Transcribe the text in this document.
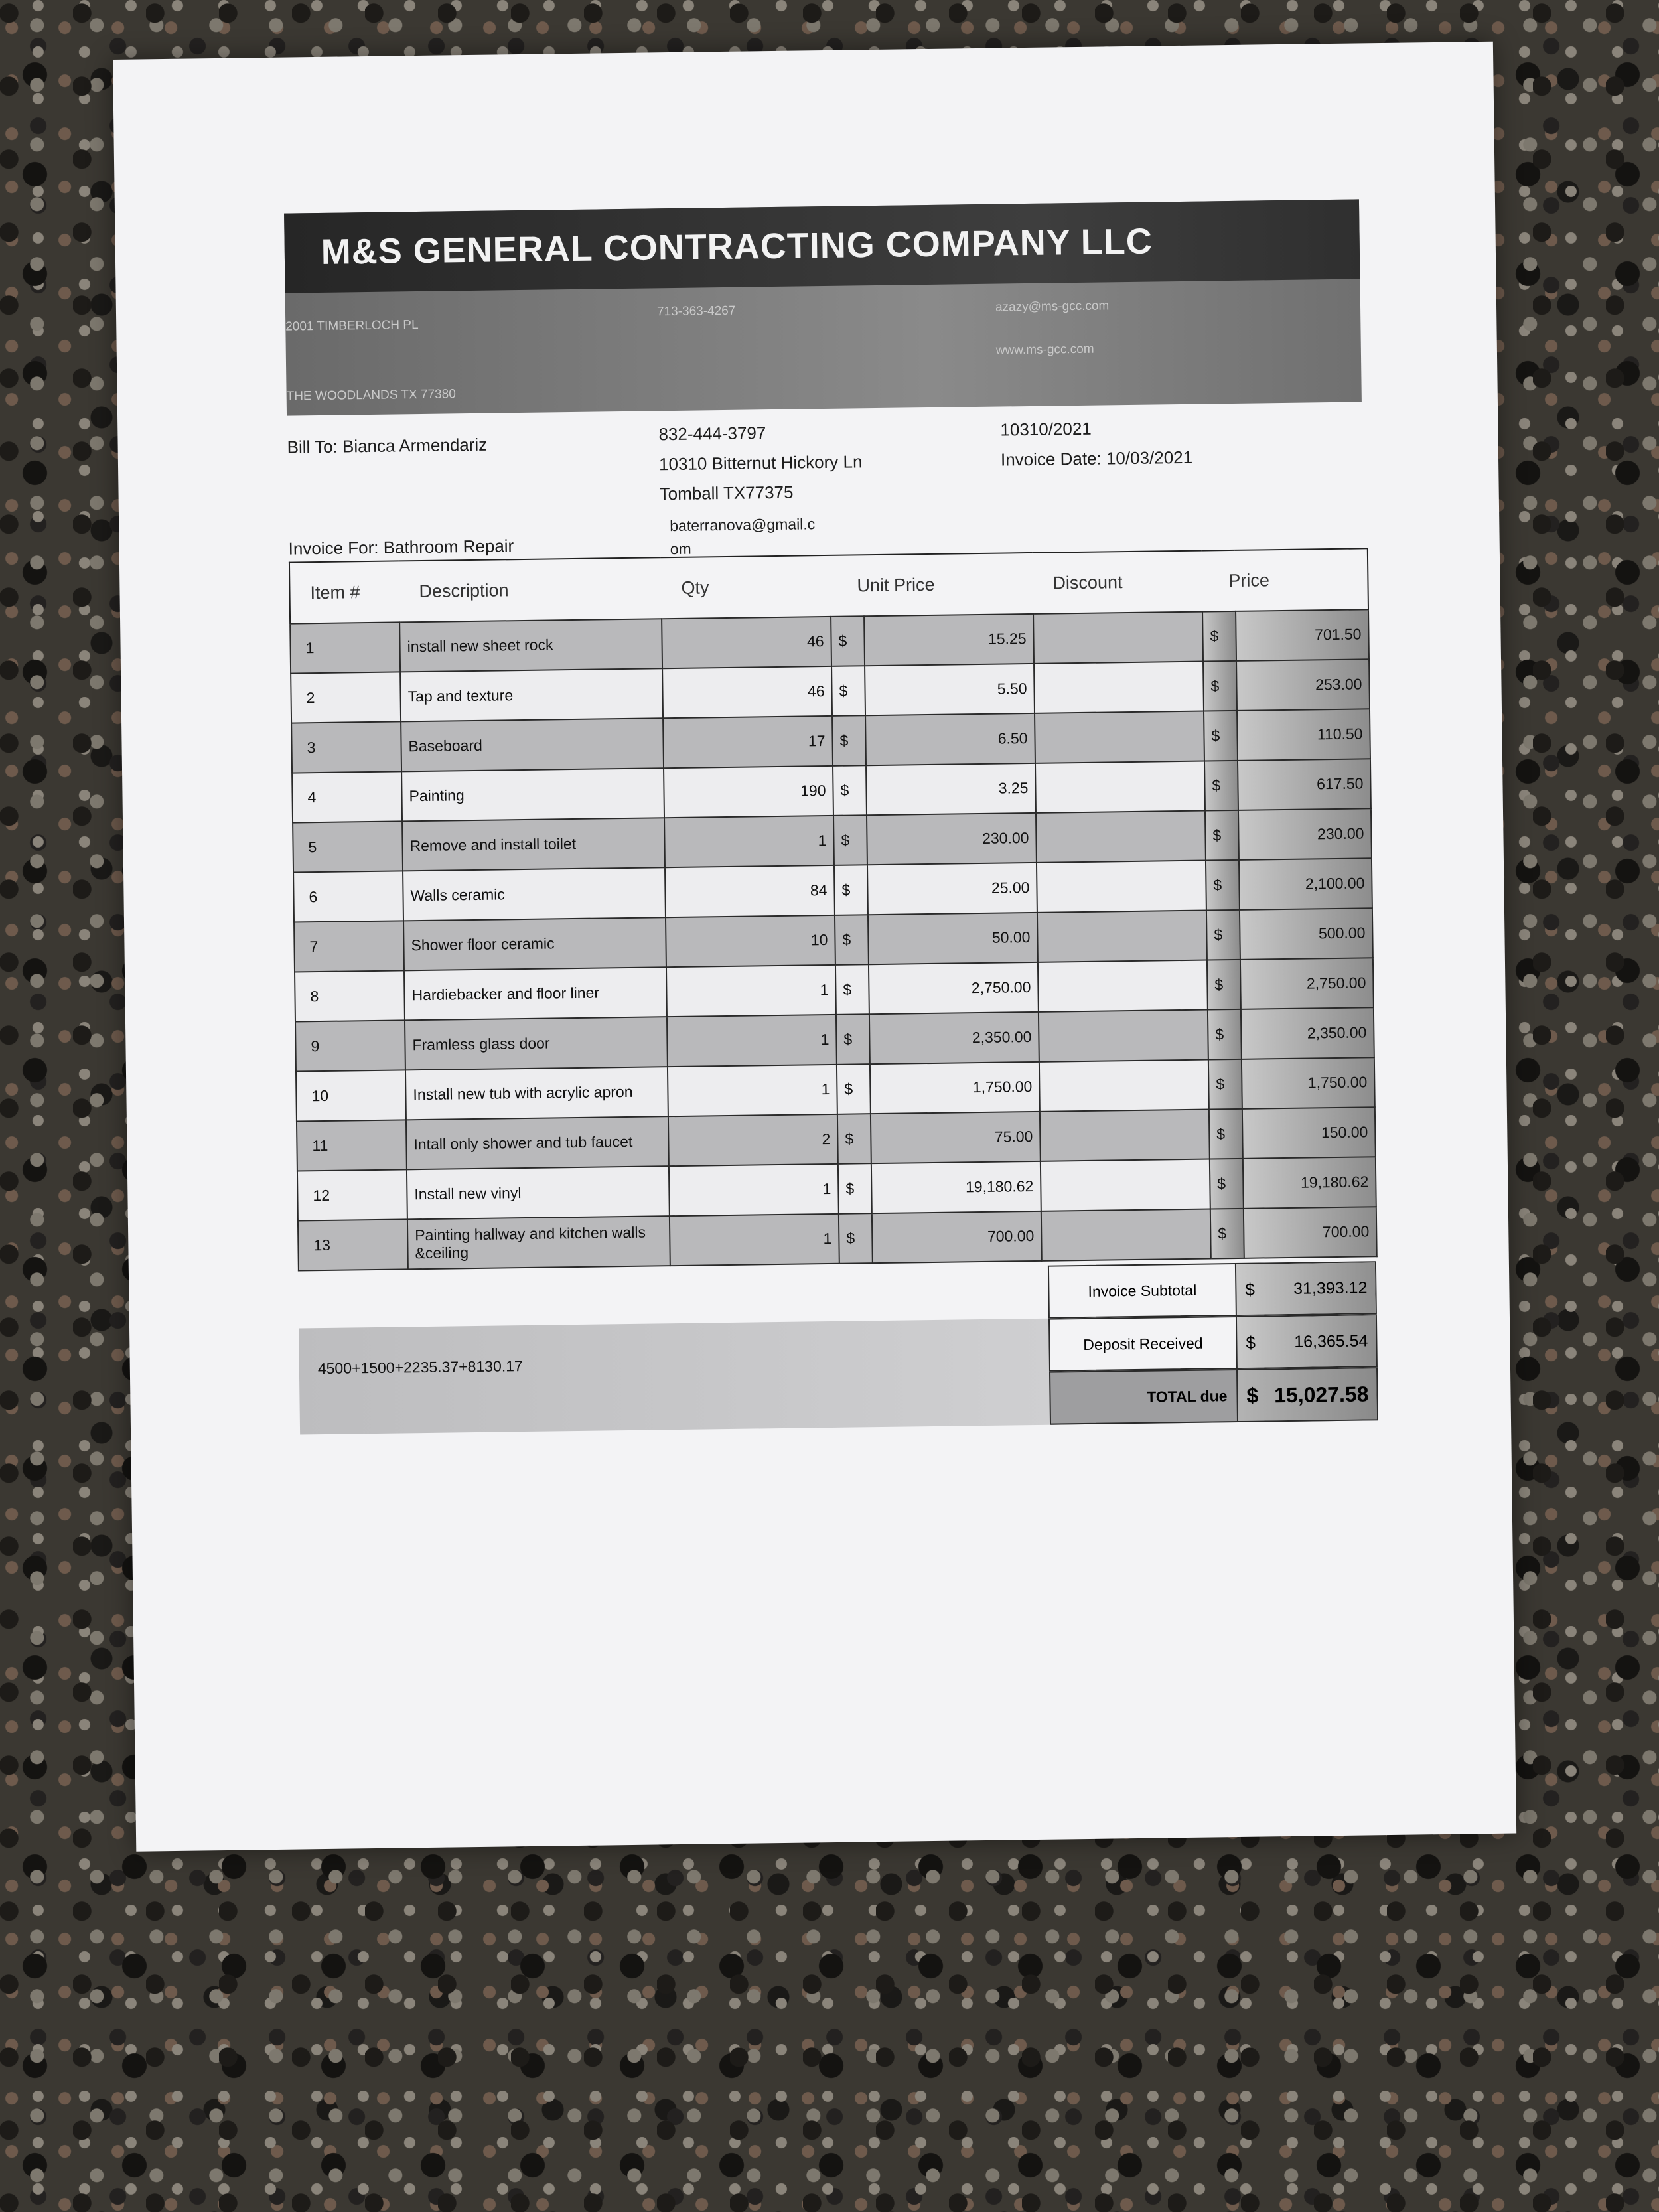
M&S GENERAL CONTRACTING COMPANY LLC
2001 TIMBERLOCH PL
THE WOODLANDS TX 77380
713-363-4267	azazy@ms-gcc.com
www.ms-gcc.com
Bill To: Bianca Armendariz
832-444-3797
10310 Bitternut Hickory Ln
Tomball TX77375
baterranova@gmail.c
om
10310/2021
Invoice Date: 10/03/2021
Invoice For: Bathroom Repair
Item #	Description	Qty	Unit Price		Discount	Price	
1	install new sheet rock	46	$	15.25		$	701.50
2	Tap and texture	46	$	5.50		$	253.00
3	Baseboard	17	$	6.50		$	110.50
4	Painting	190	$	3.25		$	617.50
5	Remove and install toilet	1	$	230.00		$	230.00
6	Walls ceramic	84	$	25.00		$	2,100.00
7	Shower floor ceramic	10	$	50.00		$	500.00
8	Hardiebacker and floor liner	1	$	2,750.00		$	2,750.00
9	Framless glass door	1	$	2,350.00		$	2,350.00
10	Install new tub with acrylic apron	1	$	1,750.00		$	1,750.00
11	Intall only shower and tub faucet	2	$	75.00		$	150.00
12	Install new vinyl	1	$	19,180.62		$	19,180.62
13	Painting hallway and kitchen walls &ceiling	1	$	700.00		$	700.00
4500+1500+2235.37+8130.17
Invoice Subtotal	$ 31,393.12
Deposit Received	$ 16,365.54
TOTAL due $ 15,027.58
